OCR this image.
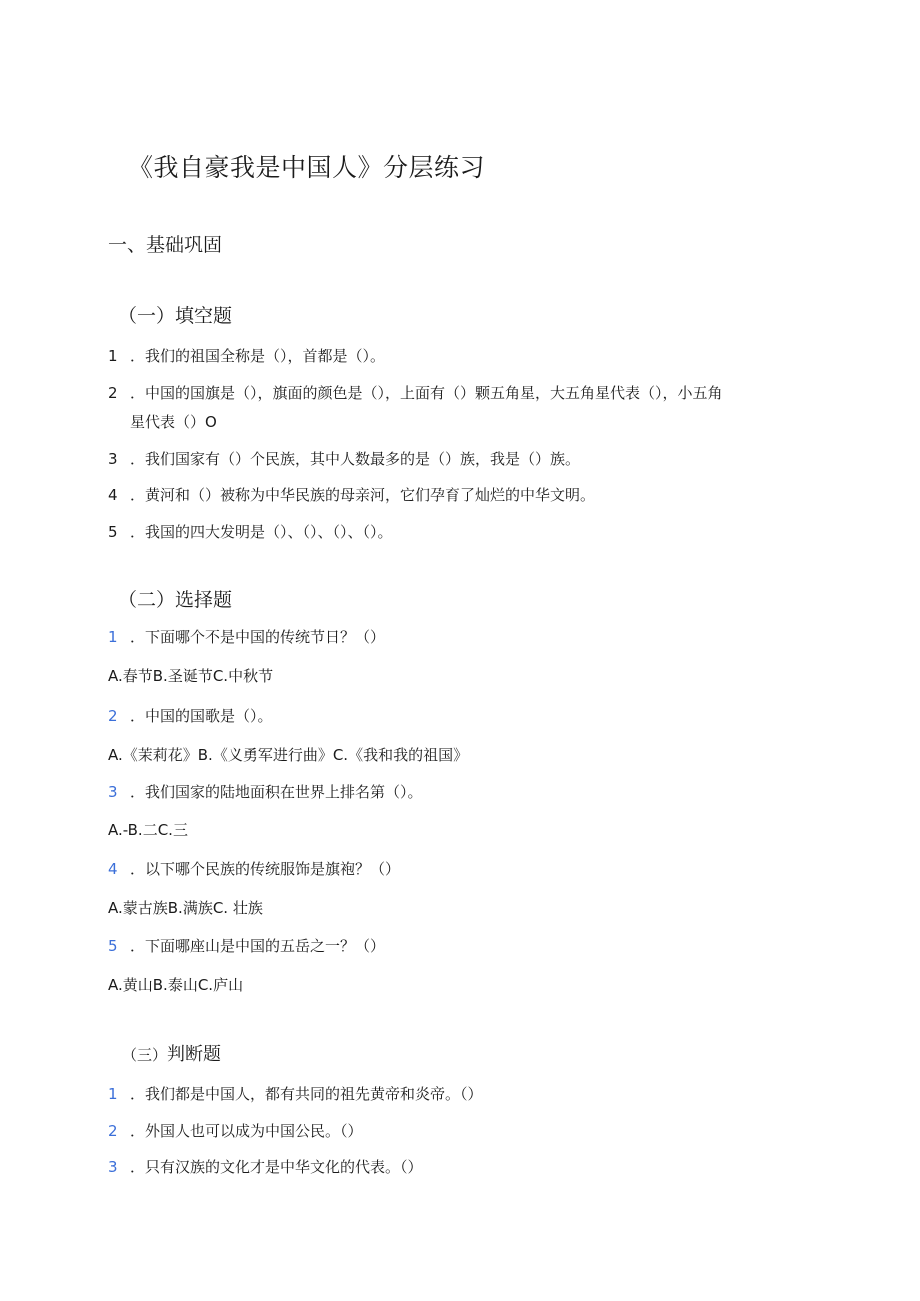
《我自豪我是中国人》分层练习
一、基础巩固
（一）填空题
1 ．我们的祖国全称是（），首都是（）。
2 ．中国的国旗是（），旗面的颜色是（），上面有（）颗五角星，大五角星代表（），小五角
星代表（）O
3 ．我们国家有（）个民族，其中人数最多的是（）族，我是（）族。
4 ．黄河和（）被称为中华民族的母亲河，它们孕育了灿烂的中华文明。
5 ．我国的四大发明是（）、（）、（）、（）。
（二）选择题
1 ．下面哪个不是中国的传统节日？（）
A.春节B.圣诞节C.中秋节
2 ．中国的国歌是（）。
A.《茉莉花》B.《义勇军进行曲》C.《我和我的祖国》
3 ．我们国家的陆地面积在世界上排名第（）。
A.-B.二C.三
4 ．以下哪个民族的传统服饰是旗袍？（）
A.蒙古族B.满族C. 壮族
5 ．下面哪座山是中国的五岳之一？（）
A.黄山B.泰山C.庐山
（三）判断题
1 ．我们都是中国人，都有共同的祖先黄帝和炎帝。（）
2 ．外国人也可以成为中国公民。（）
3 ．只有汉族的文化才是中华文化的代表。（）
